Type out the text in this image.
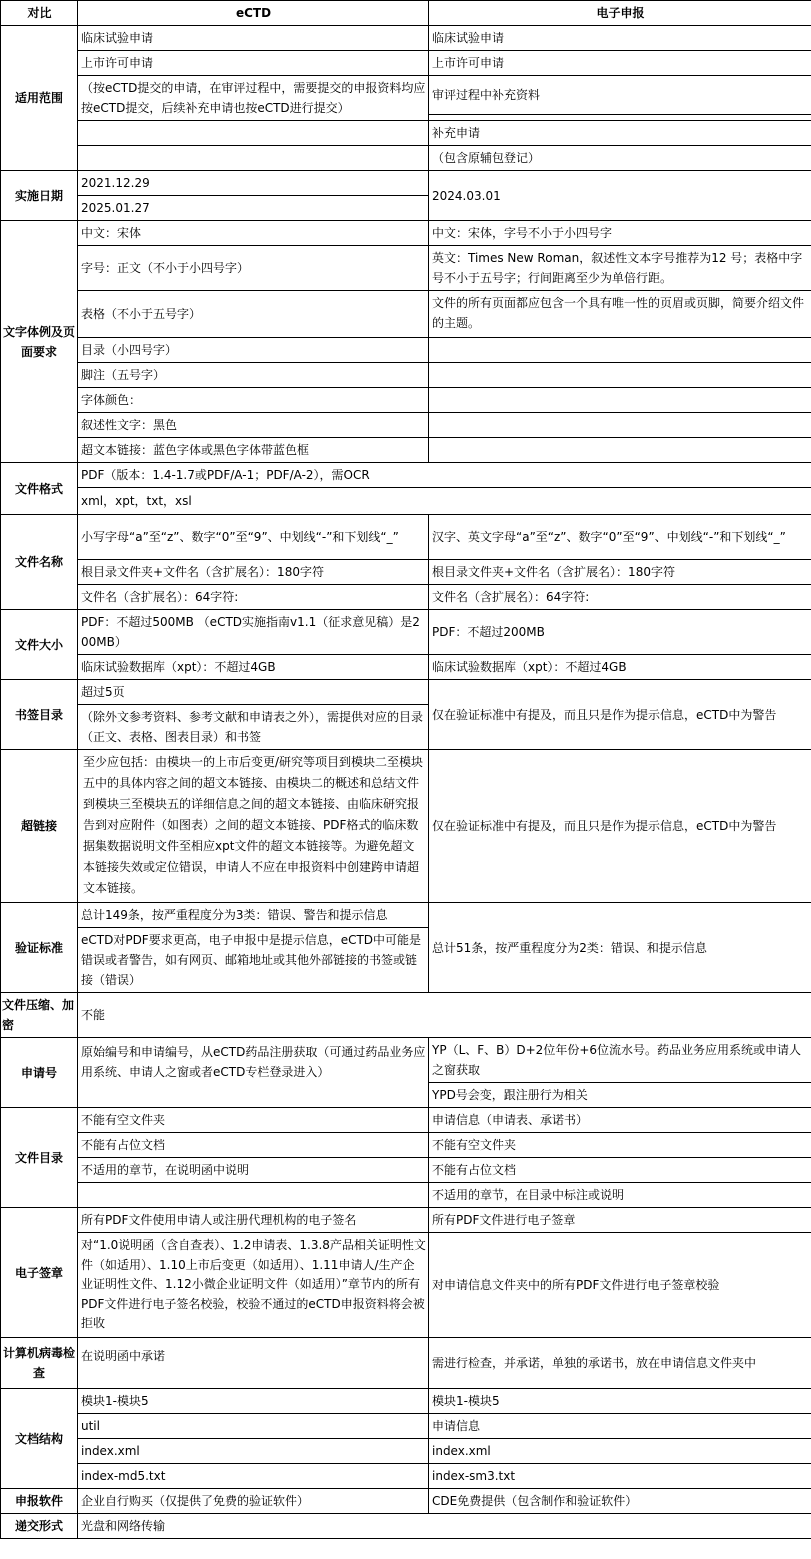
对比	eCTD	电子申报
适用范围	临床试验申请	临床试验申请
	上市许可申请	上市许可申请
	（按eCTD提交的申请，在审评过程中，需要提交的申报资料均应按eCTD提交，后续补充申请也按eCTD进行提交）	审评过程中补充资料

		补充申请
		（包含原辅包登记）
实施日期	2021.12.29	2024.03.01
	2025.01.27	
文字体例及页面要求	中文：宋体	中文：宋体，字号不小于小四号字
	字号：正文（不小于小四号字）	英文：Times New Roman，叙述性文本字号推荐为12 号；表格中字号不小于五号字；行间距离至少为单倍行距。
	表格（不小于五号字）	文件的所有页面都应包含一个具有唯一性的页眉或页脚，简要介绍文件的主题。
	目录（小四号字）	
	脚注（五号字）	
	字体颜色：	
	叙述性文字：黑色	
	超文本链接：蓝色字体或黑色字体带蓝色框	
文件格式	PDF（版本：1.4-1.7或PDF/A-1；PDF/A-2），需OCR	
	xml，xpt，txt，xsl	
文件名称	小写字母“a”至“z”、数字“0”至“9”、中划线“-”和下划线“_”	汉字、英文字母“a”至“z”、数字“0”至“9”、中划线“-”和下划线“_”
	根目录文件夹+文件名（含扩展名）：180字符	根目录文件夹+文件名（含扩展名）：180字符
	文件名（含扩展名）：64字符:	文件名（含扩展名）：64字符:
文件大小	PDF：不超过500MB （eCTD实施指南v1.1（征求意见稿）是200MB）	PDF：不超过200MB
	临床试验数据库（xpt）：不超过4GB	临床试验数据库（xpt）：不超过4GB
书签目录	超过5页	仅在验证标准中有提及，而且只是作为提示信息，eCTD中为警告
	（除外文参考资料、参考文献和申请表之外），需提供对应的目录（正文、表格、图表目录）和书签	
超链接	至少应包括：由模块一的上市后变更/研究等项目到模块二至模块五中的具体内容之间的超文本链接、由模块二的概述和总结文件到模块三至模块五的详细信息之间的超文本链接、由临床研究报告到对应附件（如图表）之间的超文本链接、PDF格式的临床数据集数据说明文件至相应xpt文件的超文本链接等。为避免超文本链接失效或定位错误，申请人不应在申报资料中创建跨申请超文本链接。	仅在验证标准中有提及，而且只是作为提示信息，eCTD中为警告
验证标准	总计149条，按严重程度分为3类：错误、警告和提示信息	总计51条，按严重程度分为2类：错误、和提示信息
	eCTD对PDF要求更高，电子申报中是提示信息，eCTD中可能是错误或者警告，如有网页、邮箱地址或其他外部链接的书签或链接（错误）	
文件压缩、加密	不能	
申请号	原始编号和申请编号，从eCTD药品注册获取（可通过药品业务应用系统、申请人之窗或者eCTD专栏登录进入）	YP（L、F、B）D+2位年份+6位流水号。药品业务应用系统或申请人之窗获取
		YPD号会变，跟注册行为相关
文件目录	不能有空文件夹	申请信息（申请表、承诺书）
	不能有占位文档	不能有空文件夹
	不适用的章节，在说明函中说明	不能有占位文档
		不适用的章节，在目录中标注或说明
电子签章	所有PDF文件使用申请人或注册代理机构的电子签名	所有PDF文件进行电子签章
	对“1.0说明函（含自查表）、1.2申请表、1.3.8产品相关证明性文件（如适用）、1.10上市后变更（如适用）、1.11申请人/生产企业证明性文件、1.12小微企业证明文件（如适用）”章节内的所有PDF文件进行电子签名校验，校验不通过的eCTD申报资料将会被拒收	对申请信息文件夹中的所有PDF文件进行电子签章校验
计算机病毒检查	在说明函中承诺	需进行检查，并承诺，单独的承诺书，放在申请信息文件夹中
文档结构	模块1-模块5	模块1-模块5
	util	申请信息
	index.xml	index.xml
	index-md5.txt	index-sm3.txt
申报软件	企业自行购买（仅提供了免费的验证软件）	CDE免费提供（包含制作和验证软件）
递交形式	光盘和网络传输	
